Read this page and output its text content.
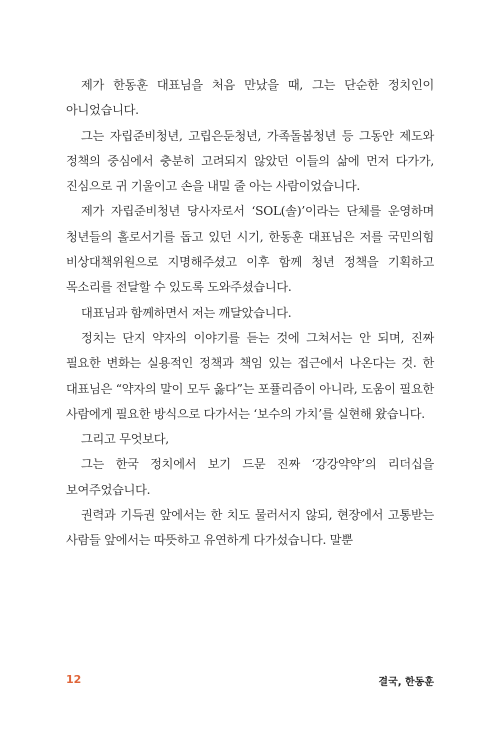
제가 한동훈 대표님을 처음 만났을 때, 그는 단순한 정치인이 아니었습니다.

그는 자립준비청년, 고립은둔청년, 가족돌봄청년 등 그동안 제도와 정책의 중심에서 충분히 고려되지 않았던 이들의 삶에 먼저 다가가, 진심으로 귀 기울이고 손을 내밀 줄 아는 사람이었습니다.

제가 자립준비청년 당사자로서 ‘SOL(솔)’이라는 단체를 운영하며 청년들의 홀로서기를 돕고 있던 시기, 한동훈 대표님은 저를 국민의힘 비상대책위원으로 지명해주셨고 이후 함께 청년 정책을 기획하고 목소리를 전달할 수 있도록 도와주셨습니다.

대표님과 함께하면서 저는 깨달았습니다.

정치는 단지 약자의 이야기를 듣는 것에 그쳐서는 안 되며, 진짜 필요한 변화는 실용적인 정책과 책임 있는 접근에서 나온다는 것. 한 대표님은 “약자의 말이 모두 옳다”는 포퓰리즘이 아니라, 도움이 필요한 사람에게 필요한 방식으로 다가서는 ‘보수의 가치’를 실현해 왔습니다.

그리고 무엇보다,

그는 한국 정치에서 보기 드문 진짜 ‘강강약약’의 리더십을 보여주었습니다.

권력과 기득권 앞에서는 한 치도 물러서지 않되, 현장에서 고통받는 사람들 앞에서는 따뜻하고 유연하게 다가섰습니다. 말뿐

12	결국, 한동훈
